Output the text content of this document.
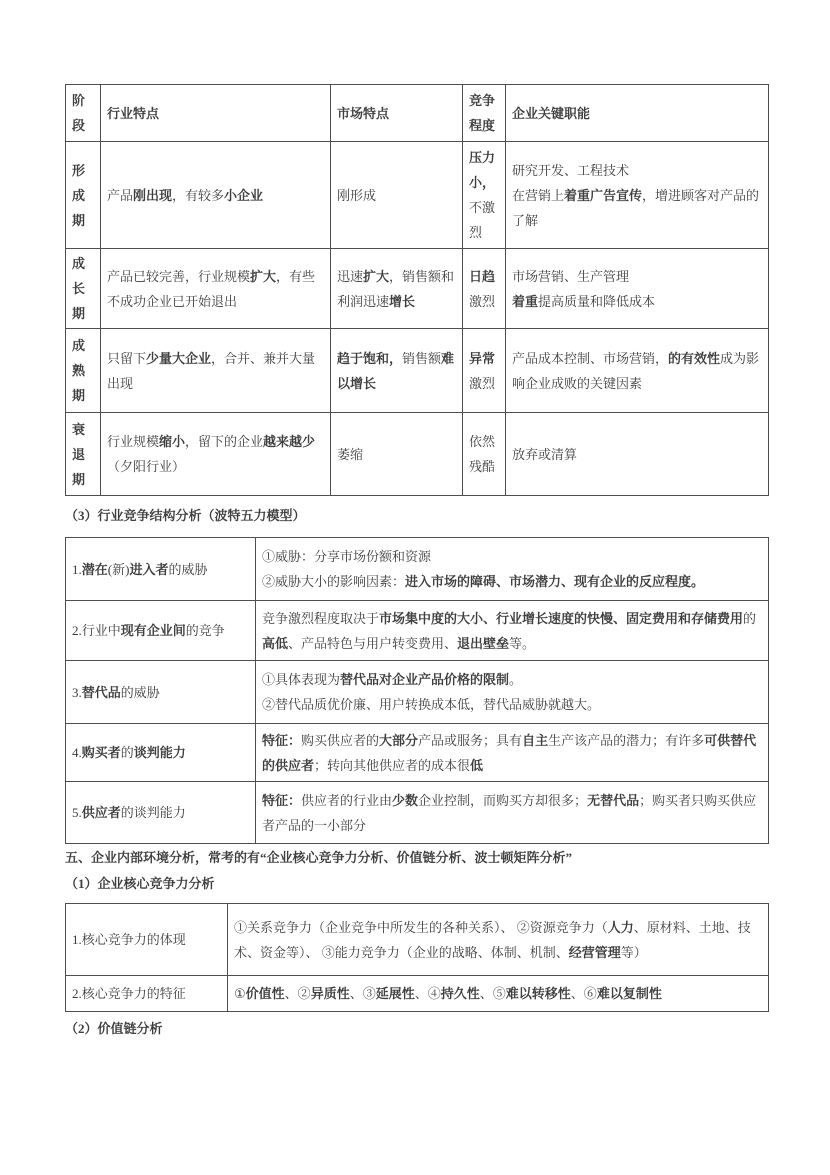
阶段	行业特点	市场特点	竞争程度	企业关键职能
形成期	产品刚出现，有较多小企业	刚形成	压力小，不激烈	研究开发、工程技术
在营销上着重广告宣传，增进顾客对产品的了解

成长期	产品已较完善，行业规模扩大，有些不成功企业已开始退出	迅速扩大，销售额和利润迅速增长	日趋激烈	市场营销、生产管理
着重提高质量和降低成本

成熟期	只留下少量大企业，合并、兼并大量出现	趋于饱和，销售额难以增长	异常激烈	产品成本控制、市场营销，的有效性成为影响企业成败的关键因素

衰退期	行业规模缩小，留下的企业越来越少（夕阳行业）	萎缩	依然残酷	放弃或清算
（3）行业竞争结构分析（波特五力模型）
1.潜在(新)进入者的威胁	①威胁：分享市场份额和资源
②威胁大小的影响因素：进入市场的障碍、市场潜力、现有企业的反应程度。

2.行业中现有企业间的竞争	竞争激烈程度取决于市场集中度的大小、行业增长速度的快慢、固定费用和存储费用的高低、产品特色与用户转变费用、退出壁垒等。

3.替代品的威胁	①具体表现为替代品对企业产品价格的限制。
②替代品质优价廉、用户转换成本低，替代品威胁就越大。

4.购买者的谈判能力	特征：购买供应者的大部分产品或服务；具有自主生产该产品的潜力；有许多可供替代的供应者；转向其他供应者的成本很低

5.供应者的谈判能力	特征：供应者的行业由少数企业控制，而购买方却很多；无替代品；购买者只购买供应者产品的一小部分
五、企业内部环境分析，常考的有“企业核心竞争力分析、价值链分析、波士顿矩阵分析”
（1）企业核心竞争力分析
1.核心竞争力的体现	①关系竞争力（企业竞争中所发生的各种关系）、 ②资源竞争力（人力、原材料、土地、技术、资金等）、 ③能力竞争力（企业的战略、体制、机制、经营管理等）

2.核心竞争力的特征	①价值性、②异质性、③延展性、④持久性、⑤难以转移性、⑥难以复制性
（2）价值链分析
